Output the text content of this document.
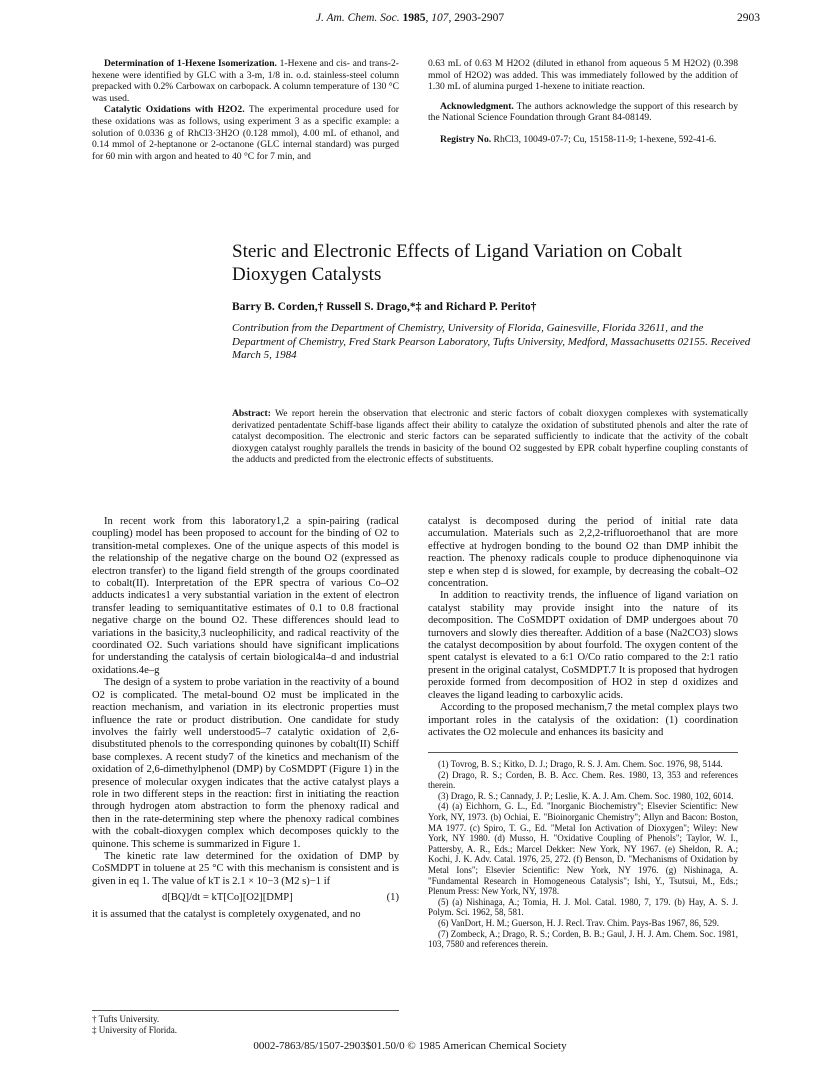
J. Am. Chem. Soc. 1985, 107, 2903-2907	2903

Determination of 1-Hexene Isomerization. 1-Hexene and cis- and trans-2-hexene were identified by GLC with a 3-m, 1/8 in. o.d. stainless-steel column prepacked with 0.2% Carbowax on carbopack. A column temperature of 130 °C was used.

Catalytic Oxidations with H2O2. The experimental procedure used for these oxidations was as follows, using experiment 3 as a specific example: a solution of 0.0336 g of RhCl3·3H2O (0.128 mmol), 4.00 mL of ethanol, and 0.14 mmol of 2-heptanone or 2-octanone (GLC internal standard) was purged for 60 min with argon and heated to 40 °C for 7 min, and

0.63 mL of 0.63 M H2O2 (diluted in ethanol from aqueous 5 M H2O2) (0.398 mmol of H2O2) was added. This was immediately followed by the addition of 1.30 mL of alumina purged 1-hexene to initiate reaction.

Acknowledgment. The authors acknowledge the support of this research by the National Science Foundation through Grant 84-08149.

Registry No. RhCl3, 10049-07-7; Cu, 15158-11-9; 1-hexene, 592-41-6.

Steric and Electronic Effects of Ligand Variation on Cobalt Dioxygen Catalysts
Barry B. Corden,† Russell S. Drago,*‡ and Richard P. Perito†
Contribution from the Department of Chemistry, University of Florida, Gainesville, Florida 32611, and the Department of Chemistry, Fred Stark Pearson Laboratory, Tufts University, Medford, Massachusetts 02155. Received March 5, 1984
Abstract: We report herein the observation that electronic and steric factors of cobalt dioxygen complexes with systematically derivatized pentadentate Schiff-base ligands affect their ability to catalyze the oxidation of substituted phenols and alter the rate of catalyst decomposition. The electronic and steric factors can be separated sufficiently to indicate that the activity of the cobalt dioxygen catalyst roughly parallels the trends in basicity of the bound O2 suggested by EPR cobalt hyperfine coupling constants of the adducts and predicted from the electronic effects of substituents.

In recent work from this laboratory1,2 a spin-pairing (radical coupling) model has been proposed to account for the binding of O2 to transition-metal complexes. One of the unique aspects of this model is the relationship of the negative charge on the bound O2 (expressed as electron transfer) to the ligand field strength of the groups coordinated to cobalt(II). Interpretation of the EPR spectra of various Co–O2 adducts indicates1 a very substantial variation in the extent of electron transfer leading to semiquantitative estimates of 0.1 to 0.8 fractional negative charge on the bound O2. These differences should lead to variations in the basicity,3 nucleophilicity, and radical reactivity of the coordinated O2. Such variations should have significant implications for understanding the catalysis of certain biological4a–d and industrial oxidations.4e–g

The design of a system to probe variation in the reactivity of a bound O2 is complicated. The metal-bound O2 must be implicated in the reaction mechanism, and variation in its electronic properties must influence the rate or product distribution. One candidate for study involves the fairly well understood5–7 catalytic oxidation of 2,6-disubstituted phenols to the corresponding quinones by cobalt(II) Schiff base complexes. A recent study7 of the kinetics and mechanism of the oxidation of 2,6-dimethylphenol (DMP) by CoSMDPT (Figure 1) in the presence of molecular oxygen indicates that the active catalyst plays a role in two different steps in the reaction: first in initiating the reaction through hydrogen atom abstraction to form the phenoxy radical and then in the rate-determining step where the phenoxy radical combines with the cobalt-dioxygen complex which decomposes quickly to the quinone. This scheme is summarized in Figure 1.

The kinetic rate law determined for the oxidation of DMP by CoSMDPT in toluene at 25 °C with this mechanism is consistent and is given in eq 1. The value of kT is 2.1 × 10−3 (M2 s)−1 if

d[BQ]/dt = kT[Co][O2][DMP]	(1)

it is assumed that the catalyst is completely oxygenated, and no

catalyst is decomposed during the period of initial rate data accumulation. Materials such as 2,2,2-trifluoroethanol that are more effective at hydrogen bonding to the bound O2 than DMP inhibit the reaction. The phenoxy radicals couple to produce diphenoquinone via step e when step d is slowed, for example, by decreasing the cobalt–O2 concentration.

In addition to reactivity trends, the influence of ligand variation on catalyst stability may provide insight into the nature of its decomposition. The CoSMDPT oxidation of DMP undergoes about 70 turnovers and slowly dies thereafter. Addition of a base (Na2CO3) slows the catalyst decomposition by about fourfold. The oxygen content of the spent catalyst is elevated to a 6:1 O/Co ratio compared to the 2:1 ratio present in the original catalyst, CoSMDPT.7 It is proposed that hydrogen peroxide formed from decomposition of HO2 in step d oxidizes and cleaves the ligand leading to carboxylic acids.

According to the proposed mechanism,7 the metal complex plays two important roles in the catalysis of the oxidation: (1) coordination activates the O2 molecule and enhances its basicity and

(1) Tovrog, B. S.; Kitko, D. J.; Drago, R. S. J. Am. Chem. Soc. 1976, 98, 5144.

(2) Drago, R. S.; Corden, B. B. Acc. Chem. Res. 1980, 13, 353 and references therein.

(3) Drago, R. S.; Cannady, J. P.; Leslie, K. A. J. Am. Chem. Soc. 1980, 102, 6014.

(4) (a) Eichhorn, G. L., Ed. "Inorganic Biochemistry"; Elsevier Scientific: New York, NY, 1973. (b) Ochiai, E. "Bioinorganic Chemistry"; Allyn and Bacon: Boston, MA 1977. (c) Spiro, T. G., Ed. "Metal Ion Activation of Dioxygen"; Wiley: New York, NY 1980. (d) Musso, H. "Oxidative Coupling of Phenols"; Taylor, W. I., Pattersby, A. R., Eds.; Marcel Dekker: New York, NY 1967. (e) Sheldon, R. A.; Kochi, J. K. Adv. Catal. 1976, 25, 272. (f) Benson, D. "Mechanisms of Oxidation by Metal Ions"; Elsevier Scientific: New York, NY 1976. (g) Nishinaga, A. "Fundamental Research in Homogeneous Catalysis"; Ishi, Y., Tsutsui, M., Eds.; Plenum Press: New York, NY, 1978.

(5) (a) Nishinaga, A.; Tomia, H. J. Mol. Catal. 1980, 7, 179. (b) Hay, A. S. J. Polym. Sci. 1962, 58, 581.

(6) VanDort, H. M.; Guerson, H. J. Recl. Trav. Chim. Pays-Bas 1967, 86, 529.

(7) Zombeck, A.; Drago, R. S.; Corden, B. B.; Gaul, J. H. J. Am. Chem. Soc. 1981, 103, 7580 and references therein.

† Tufts University.
‡ University of Florida.
0002-7863/85/1507-2903$01.50/0 © 1985 American Chemical Society
